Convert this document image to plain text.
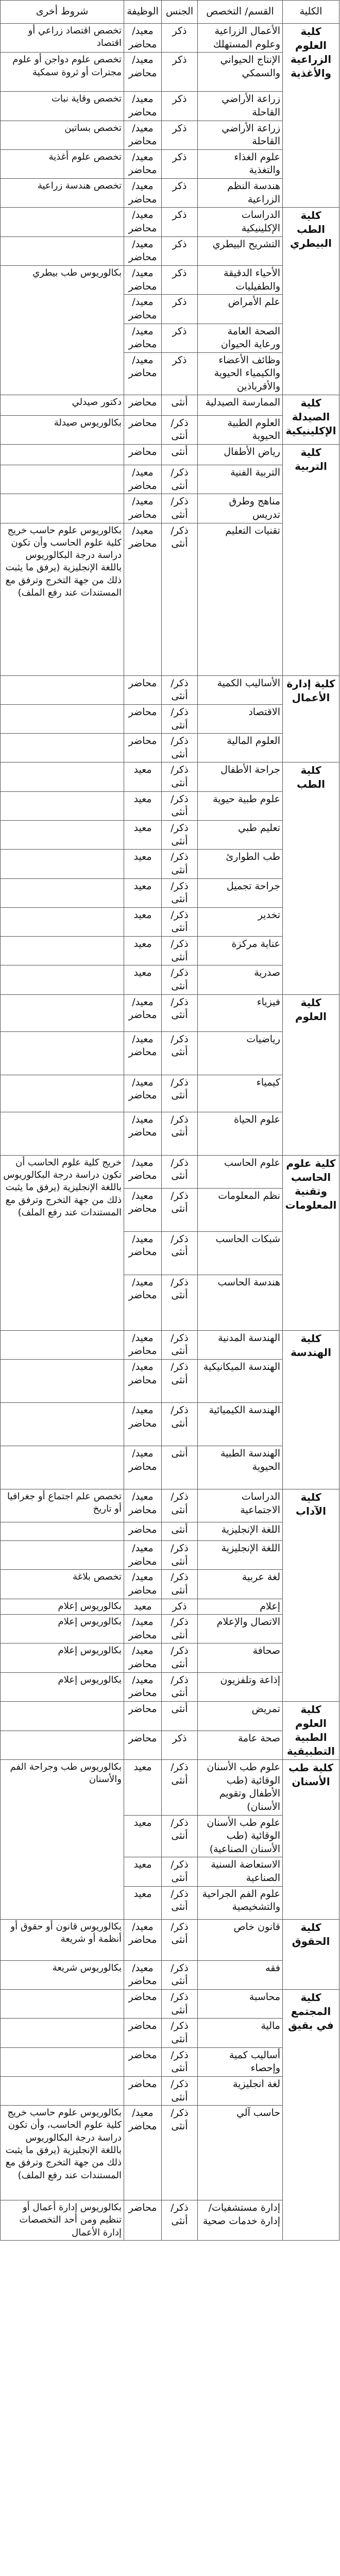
الكلية	القسم/ التخصص	الجنس	الوظيفة	شروط أخرى
كلية العلوم الزراعية والأغذية	الأعمال الزراعية وعلوم المستهلك	ذكر	معيد/ محاضر	تخصص اقتصاد زراعي أو اقتصاد
	الإنتاج الحيواني والسمكي	ذكر	معيد/ محاضر	تخصص علوم دواجن أو علوم مجترات أو ثروة سمكية
	زراعة الأراضي القاحلة	ذكر	معيد/ محاضر	تخصص وقاية نبات
	زراعة الأراضي القاحلة	ذكر	معيد/ محاضر	تخصص بساتين
	علوم الغذاء والتغذية	ذكر	معيد/ محاضر	تخصص علوم أغذية
	هندسة النظم الزراعية	ذكر	معيد/ محاضر	تخصص هندسة زراعية
كلية الطب البيطري	الدراسات الإكلينيكية	ذكر	معيد/ محاضر	
	التشريح البيطري	ذكر	معيد/ محاضر	
	الأحياء الدقيقة والطفيليات	ذكر	معيد/ محاضر	بكالوريوس طب بيطري
	علم الأمراض	ذكر	معيد/ محاضر	
	الصحة العامة ورعاية الحيوان	ذكر	معيد/ محاضر	
	وظائف الأعضاء والكيمياء الحيوية والأقرباذين	ذكر	معيد/ محاضر	
كلية الصيدلة الإكلينيكية	الممارسة الصيدلية	أنثى	محاضر	دكتور صيدلي
	العلوم الطبية الحيوية	ذكر/ أنثى	محاضر	بكالوريوس صيدلة
كلية التربية	رياض الأطفال	أنثى	محاضر	
	التربية الفنية	ذكر/ أنثى	معيد/ محاضر	
	مناهج وطرق تدريس	ذكر/ أنثى	معيد/ محاضر	
	تقنيات التعليم	ذكر/ أنثى	معيد/ محاضر	بكالوريوس علوم حاسب خريج كلية علوم الحاسب وأن تكون دراسة درجة البكالوريوس باللغة الإنجليزية (يرفق ما يثبت ذلك من جهة التخرج وترفق مع المستندات عند رفع الملف)
كلية إدارة الأعمال	الأساليب الكمية	ذكر/ أنثى	محاضر	
	الاقتصاد	ذكر/ أنثى	محاضر	
	العلوم المالية	ذكر/ أنثى	محاضر	
كلية الطب	جراحة الأطفال	ذكر/ أنثى	معيد	
	علوم طبية حيوية	ذكر/ أنثى	معيد	
	تعليم طبي	ذكر/ أنثى	معيد	
	طب الطوارئ	ذكر/ أنثى	معيد	
	جراحة تجميل	ذكر/ أنثى	معيد	
	تخدير	ذكر/ أنثى	معيد	
	عناية مركزة	ذكر/ أنثى	معيد	
	صدرية	ذكر/ أنثى	معيد	
كلية العلوم	فيزياء	ذكر/ أنثى	معيد/ محاضر	
	رياضيات	ذكر/ أنثى	معيد/ محاضر	
	كيمياء	ذكر/ أنثى	معيد/ محاضر	
	علوم الحياة	ذكر/ أنثى	معيد/ محاضر	
كلية علوم الحاسب وتقنية المعلومات	علوم الحاسب	ذكر/ أنثى	معيد/ محاضر	خريج كلية علوم الحاسب أن تكون دراسة درجة البكالوريوس باللغة الإنجليزية (يرفق ما يثبت ذلك من جهة التخرج وترفق مع المستندات عند رفع الملف)
	نظم المعلومات	ذكر/ أنثى	معيد/ محاضر	
	شبكات الحاسب	ذكر/ أنثى	معيد/ محاضر	
	هندسة الحاسب	ذكر/ أنثى	معيد/ محاضر	
كلية الهندسة	الهندسة المدنية	ذكر/ أنثى	معيد/ محاضر	
	الهندسة الميكانيكية	ذكر/ أنثى	معيد/ محاضر	
	الهندسة الكيميائية	ذكر/ أنثى	معيد/ محاضر	
	الهندسة الطبية الحيوية	أنثى	معيد/ محاضر	
كلية الآداب	الدراسات الاجتماعية	ذكر/ أنثى	معيد/ محاضر	تخصص علم اجتماع أو جغرافيا أو تاريخ
	اللغة الإنجليزية	أنثى	محاضر	
	اللغة الإنجليزية	ذكر/ أنثى	معيد/ محاضر	
	لغة عربية	ذكر/ أنثى	معيد/ محاضر	تخصص بلاغة
	إعلام	ذكر	معيد	بكالوريوس إعلام
	الاتصال والإعلام	ذكر/ أنثى	معيد/ محاضر	بكالوريوس إعلام
	صحافة	ذكر/ أنثى	معيد/ محاضر	بكالوريوس إعلام
	إذاعة وتلفزيون	ذكر/ أنثى	معيد/ محاضر	بكالوريوس إعلام
كلية العلوم الطبية التطبيقية	تمريض	أنثى	محاضر	
	صحة عامة	ذكر	محاضر	
كلية طب الأسنان	علوم طب الأسنان الوقائية (طب الأطفال وتقويم الأسنان)	ذكر/ أنثى	معيد	بكالوريوس طب وجراحة الفم والأسنان
	علوم طب الأسنان الوقائية (طب الأسنان الصناعية)	ذكر/ أنثى	معيد	
	الاستعاضة السنية الصناعية	ذكر/ أنثى	معيد	
	علوم الفم الجراحية والتشخيصية	ذكر/ أنثى	معيد	
كلية الحقوق	قانون خاص	ذكر/ أنثى	معيد/ محاضر	بكالوريوس قانون أو حقوق أو أنظمة أو شريعة
	فقه	ذكر/ أنثى	معيد/ محاضر	بكالوريوس شريعة
كلية المجتمع في بقيق	محاسبة	ذكر/ أنثى	محاضر	
	مالية	ذكر/ أنثى	محاضر	
	أساليب كمية وإحصاء	ذكر/ أنثى	محاضر	
	لغة انجليزية	ذكر/ أنثى	محاضر	
	حاسب آلي	ذكر/ أنثى	معيد/ محاضر	بكالوريوس علوم حاسب خريج كلية علوم الحاسب، وأن تكون دراسة درجة البكالوريوس باللغة الإنجليزية (يرفق ما يثبت ذلك من جهة التخرج وترفق مع المستندات عند رفع الملف)
	إدارة مستشفيات/ إدارة خدمات صحية	ذكر/ أنثى	محاضر	بكالوريوس إدارة أعمال أو تنظيم ومن أحد التخصصات إدارة الأعمال
